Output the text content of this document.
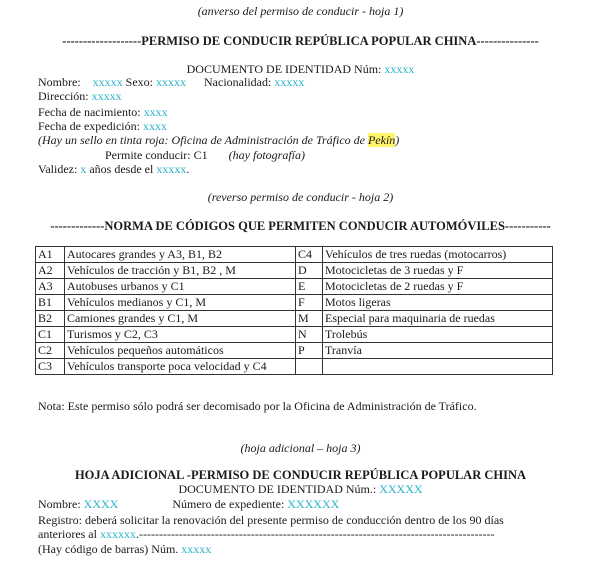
(anverso del permiso de conducir - hoja 1)
-------------------PERMISO DE CONDUCIR REPÚBLICA POPULAR CHINA---------------
DOCUMENTO DE IDENTIDAD Núm: xxxxx
Nombre: xxxxx Sexo: xxxxx Nacionalidad: xxxxx
Dirección: xxxxx
Fecha de nacimiento: xxxx
Fecha de expedición: xxxx
(Hay un sello en tinta roja: Oficina de Administración de Tráfico de Pekín)
Permite conducir: C1 (hay fotografía)
Validez: x años desde el xxxxx.
(reverso permiso de conducir - hoja 2)
-------------NORMA DE CÓDIGOS QUE PERMITEN CONDUCIR AUTOMÓVILES-----------
A1	Autocares grandes y A3, B1, B2	C4	Vehículos de tres ruedas (motocarros)
A2	Vehículos de tracción y B1, B2 , M	D	Motocicletas de 3 ruedas y F
A3	Autobuses urbanos y C1	E	Motocicletas de 2 ruedas y F
B1	Vehículos medianos y C1, M	F	Motos ligeras
B2	Camiones grandes y C1, M	M	Especial para maquinaria de ruedas
C1	Turismos y C2, C3	N	Trolebús
C2	Vehículos pequeños automáticos	P	Tranvía
C3	Vehículos transporte poca velocidad y C4		
Nota: Este permiso sólo podrá ser decomisado por la Oficina de Administración de Tráfico.
(hoja adicional – hoja 3)
HOJA ADICIONAL -PERMISO DE CONDUCIR REPÚBLICA POPULAR CHINA
DOCUMENTO DE IDENTIDAD Núm.: XXXXX
Nombre: XXXX	Número de expediente: XXXXXX
Registro: deberá solicitar la renovación del presente permiso de conducción dentro de los 90 días
anteriores al xxxxxx.-----------------------------------------------------------------------------------------
(Hay código de barras) Núm. xxxxx
